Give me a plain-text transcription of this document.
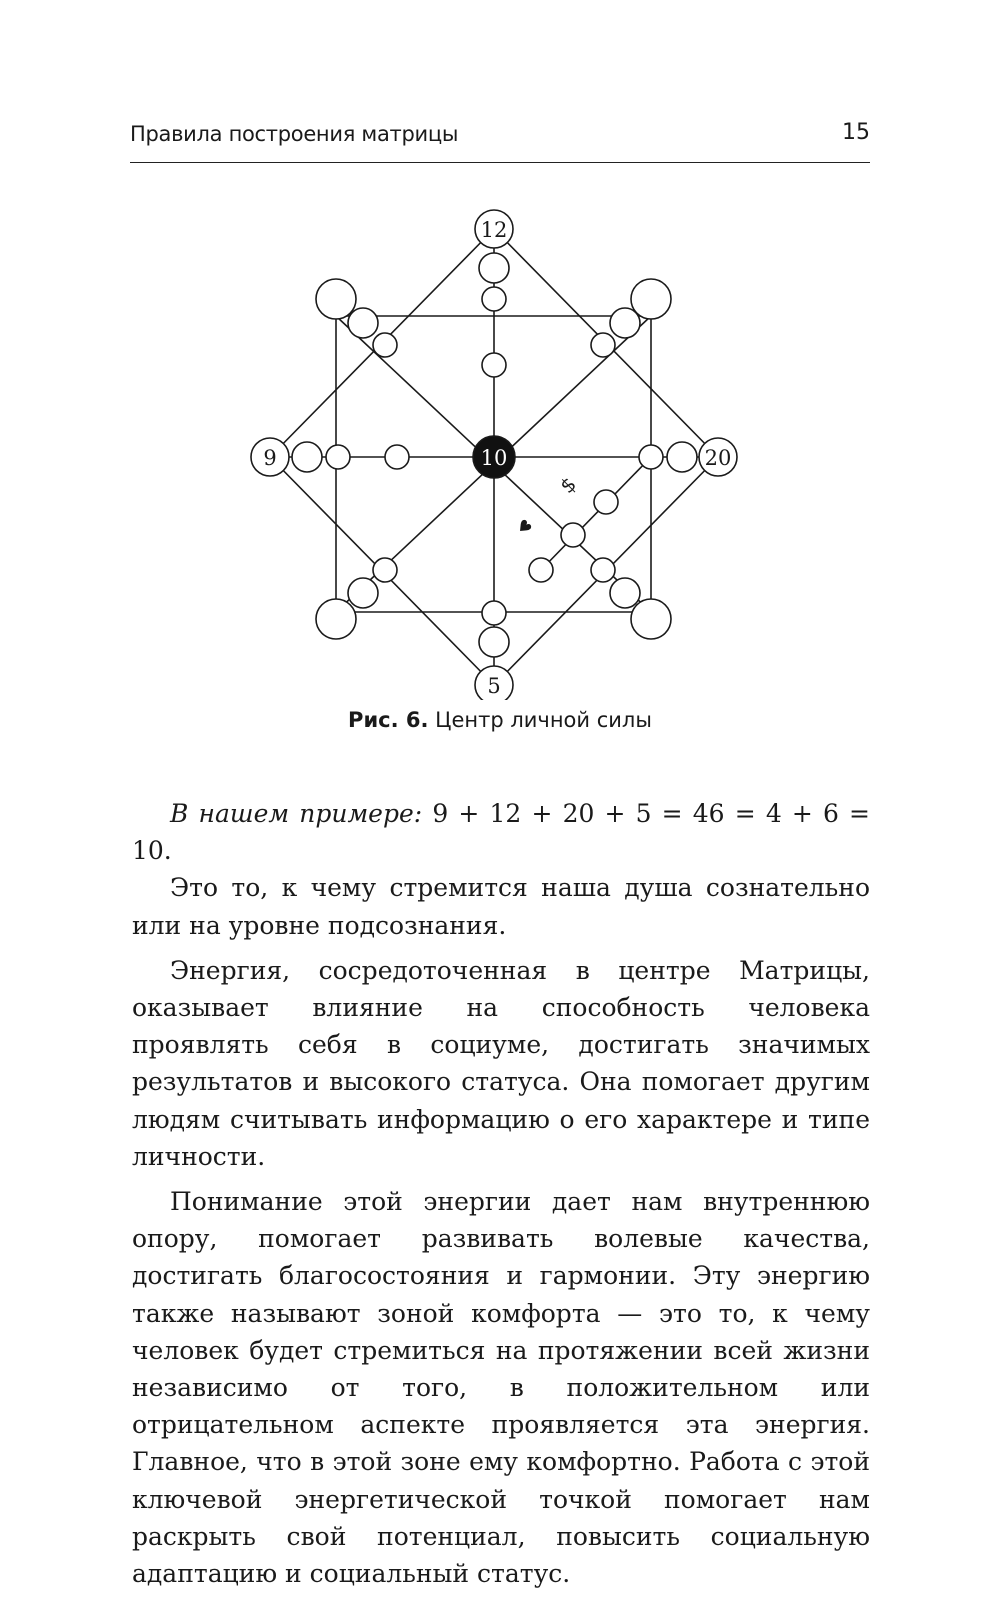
Правила построения матрицы	15
12
9	20
5
10
$
♥
Рис. 6. Центр личной силы

В нашем примере: 9 + 12 + 20 + 5 = 46 = 4 + 6 = 10.

Это то, к чему стремится наша душа сознательно или на уровне подсознания.

Энергия, сосредоточенная в центре Матрицы, оказывает влияние на способность человека проявлять себя в социуме, достигать значимых результатов и высокого статуса. Она помогает другим людям считывать информацию о его характере и типе личности.

Понимание этой энергии дает нам внутреннюю опору, помогает развивать волевые качества, достигать благосостояния и гармонии. Эту энергию также называют зоной комфорта — это то, к чему человек будет стремиться на протяжении всей жизни независимо от того, в положительном или отрицательном аспекте проявляется эта энергия. Главное, что в этой зоне ему комфортно. Работа с этой ключевой энергетической точкой помогает нам раскрыть свой потенциал, повысить социальную адаптацию и социальный статус.
